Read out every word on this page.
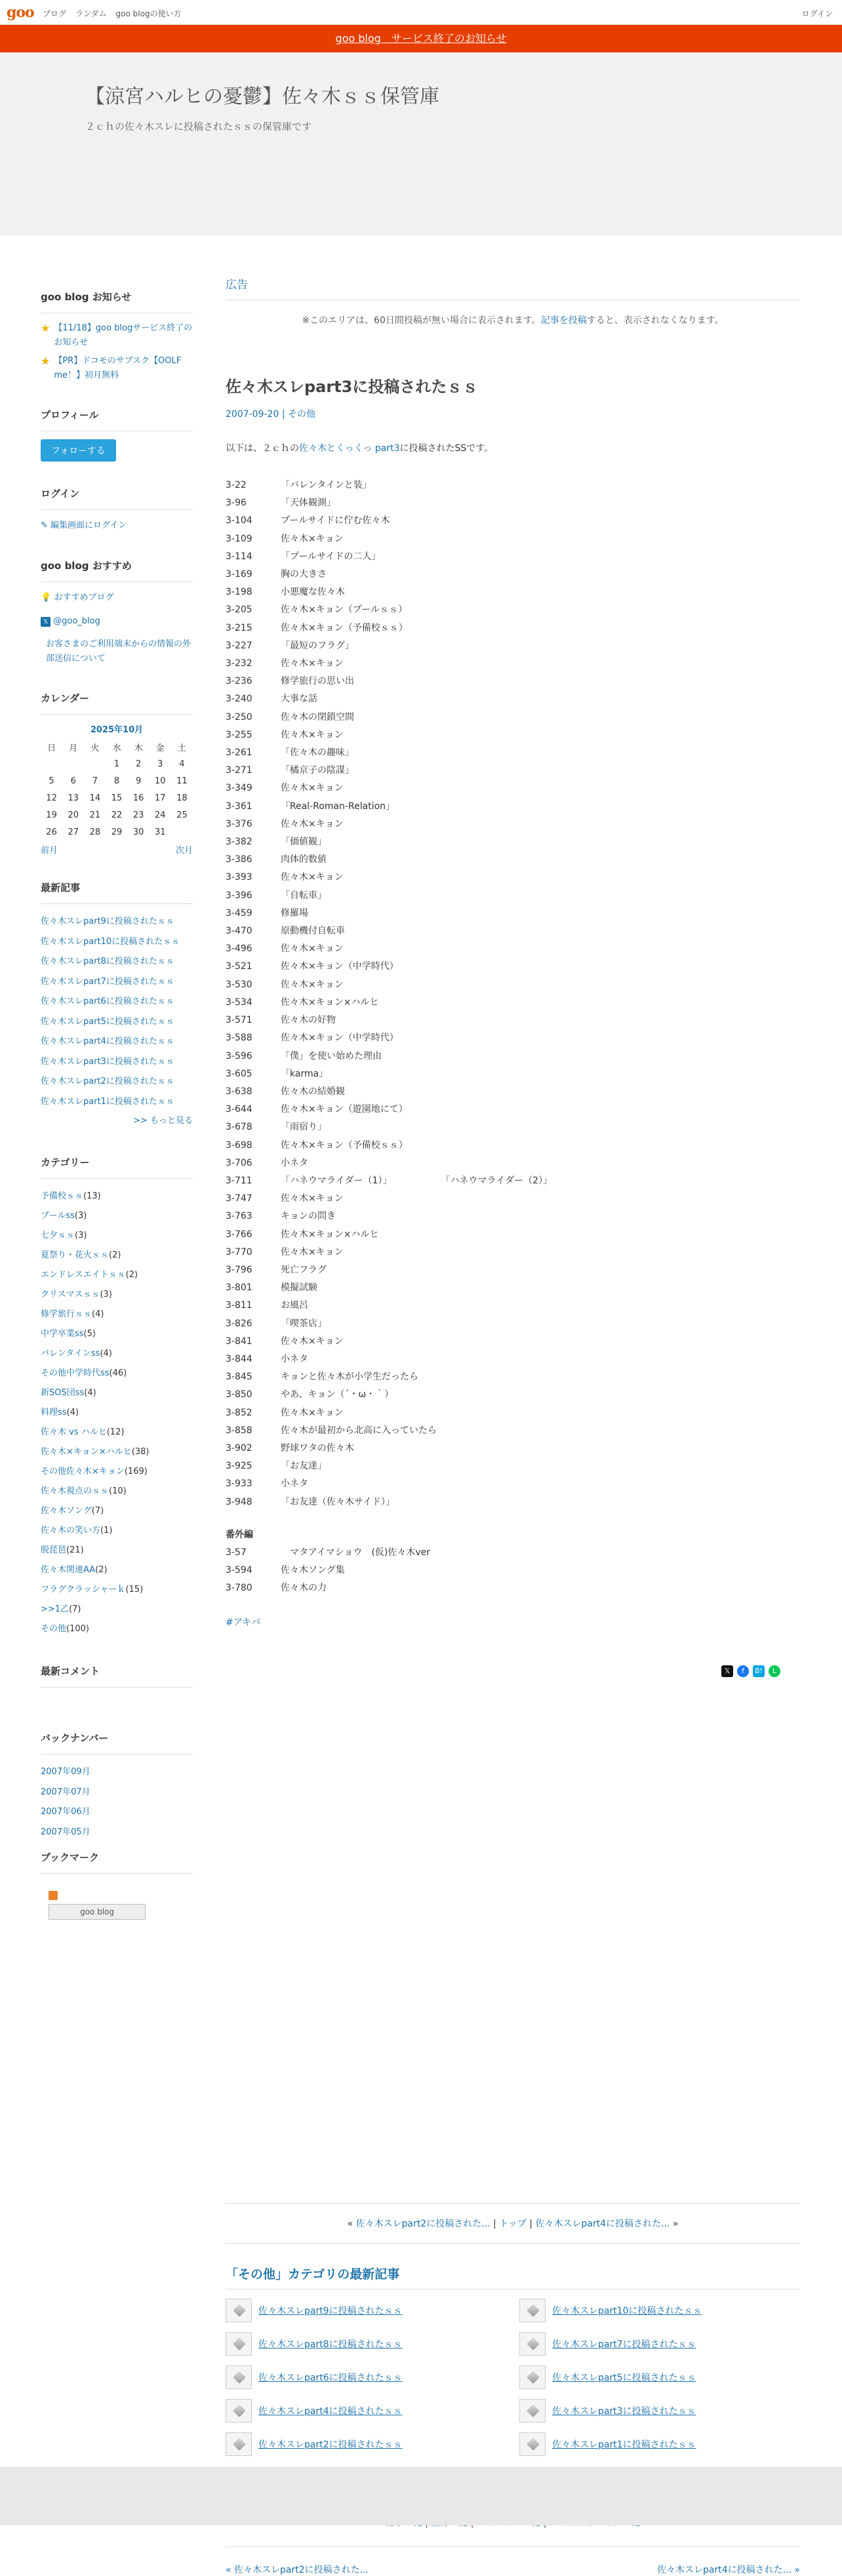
goo ブログ ランダム goo blogの使い方	ログイン
goo blog　サービス終了のお知らせ
【涼宮ハルヒの憂鬱】佐々木ｓｓ保管庫
２ｃｈの佐々木スレに投稿されたｓｓの保管庫です
goo blog お知らせ
★ 【11/18】goo blogサービス終了のお知らせ
★ 【PR】ドコモのサブスク【OOLF me！】初月無料
プロフィール
フォローする
ログイン
✎ 編集画面にログイン
goo blog おすすめ
💡 おすすめブログ
𝕏 @goo_blog
お客さまのご利用端末からの情報の外部送信について
カレンダー
2025年10月
日	月	火	水	木	金	土
			1	2	3	4
5	6	7	8	9	10	11
12	13	14	15	16	17	18
19	20	21	22	23	24	25
26	27	28	29	30	31	
前月	次月
最新記事
佐々木スレpart9に投稿されたｓｓ
佐々木スレpart10に投稿されたｓｓ
佐々木スレpart8に投稿されたｓｓ
佐々木スレpart7に投稿されたｓｓ
佐々木スレpart6に投稿されたｓｓ
佐々木スレpart5に投稿されたｓｓ
佐々木スレpart4に投稿されたｓｓ
佐々木スレpart3に投稿されたｓｓ
佐々木スレpart2に投稿されたｓｓ
佐々木スレpart1に投稿されたｓｓ
>> もっと見る
カテゴリー
予備校ｓｓ(13)
プールss(3)
七夕ｓｓ(3)
夏祭り・花火ｓｓ(2)
エンドレスエイトｓｓ(2)
クリスマスｓｓ(3)
修学旅行ｓｓ(4)
中学卒業ss(5)
バレンタインss(4)
その他中学時代ss(46)
新SOS団ss(4)
料理ss(4)
佐々木 vs ハルヒ(12)
佐々木×キョン×ハルヒ(38)
その他佐々木×キョン(169)
佐々木視点のｓｓ(10)
佐々木ソング(7)
佐々木の笑い方(1)
脱琵琶(21)
佐々木関連AA(2)
フラグクラッシャーｋ(15)
>>1乙(7)
その他(100)
最新コメント
バックナンバー
2007年09月
2007年07月
2007年06月
2007年05月
ブックマーク
goo blog
広告
※このエリアは、60日間投稿が無い場合に表示されます。記事を投稿すると、表示されなくなります。
佐々木スレpart3に投稿されたｓｓ
2007-09-20 | その他
以下は、２ｃｈの佐々木とくっくっ part3に投稿されたSSです。
3-22	「バレンタインと装」
3-96	「天体観測」
3-104	プールサイドに佇む佐々木
3-109	佐々木×キョン
3-114	「プールサイドの二人」
3-169	胸の大きさ
3-198	小悪魔な佐々木
3-205	佐々木×キョン（プールｓｓ）
3-215	佐々木×キョン（予備校ｓｓ）
3-227	「最短のフラグ」
3-232	佐々木×キョン
3-236	修学旅行の思い出
3-240	大事な話
3-250	佐々木の閉鎖空間
3-255	佐々木×キョン
3-261	「佐々木の趣味」
3-271	「橘京子の陰謀」
3-349	佐々木×キョン
3-361	「Real-Roman-Relation」
3-376	佐々木×キョン
3-382	「価値観」
3-386	肉体的数値
3-393	佐々木×キョン
3-396	「自転車」
3-459	修羅場
3-470	原動機付自転車
3-496	佐々木×キョン
3-521	佐々木×キョン（中学時代）
3-530	佐々木×キョン
3-534	佐々木×キョン×ハルヒ
3-571	佐々木の好物
3-588	佐々木×キョン（中学時代）
3-596	「僕」を使い始めた理由
3-605	「karma」
3-638	佐々木の結婚観
3-644	佐々木×キョン（遊園地にて）
3-678	「雨宿り」
3-698	佐々木×キョン（予備校ｓｓ）
3-706	小ネタ
3-711	「ハネウマライダー（1）」	「ハネウマライダー（2）」
3-747	佐々木×キョン
3-763	キョンの問き
3-766	佐々木×キョン×ハルヒ
3-770	佐々木×キョン
3-796	死亡フラグ
3-801	模擬試験
3-811	お風呂
3-826	「喫茶店」
3-841	佐々木×キョン
3-844	小ネタ
3-845	キョンと佐々木が小学生だったら
3-850	やあ、キョン（´・ω・｀）
3-852	佐々木×キョン
3-858	佐々木が最初から北高に入っていたら
3-902	野球ワタの佐々木
3-925	「お友達」
3-933	小ネタ
3-948	「お友達（佐々木サイド）」
番外編
3-57	　マタアイマショウ　(仮)佐々木ver
3-594	佐々木ソング集
3-780	佐々木の力
#アキバ
𝕏	f	B!	L
« 佐々木スレpart2に投稿された... | トップ | 佐々木スレpart4に投稿された... »
「その他」カテゴリの最新記事
佐々木スレpart9に投稿されたｓｓ	佐々木スレpart10に投稿されたｓｓ
佐々木スレpart8に投稿されたｓｓ	佐々木スレpart7に投稿されたｓｓ
佐々木スレpart6に投稿されたｓｓ	佐々木スレpart5に投稿されたｓｓ
佐々木スレpart4に投稿されたｓｓ	佐々木スレpart3に投稿されたｓｓ
佐々木スレpart2に投稿されたｓｓ	佐々木スレpart1に投稿されたｓｓ
« 佐々木スレpart2に投稿された...	佐々木スレpart4に投稿された... »
